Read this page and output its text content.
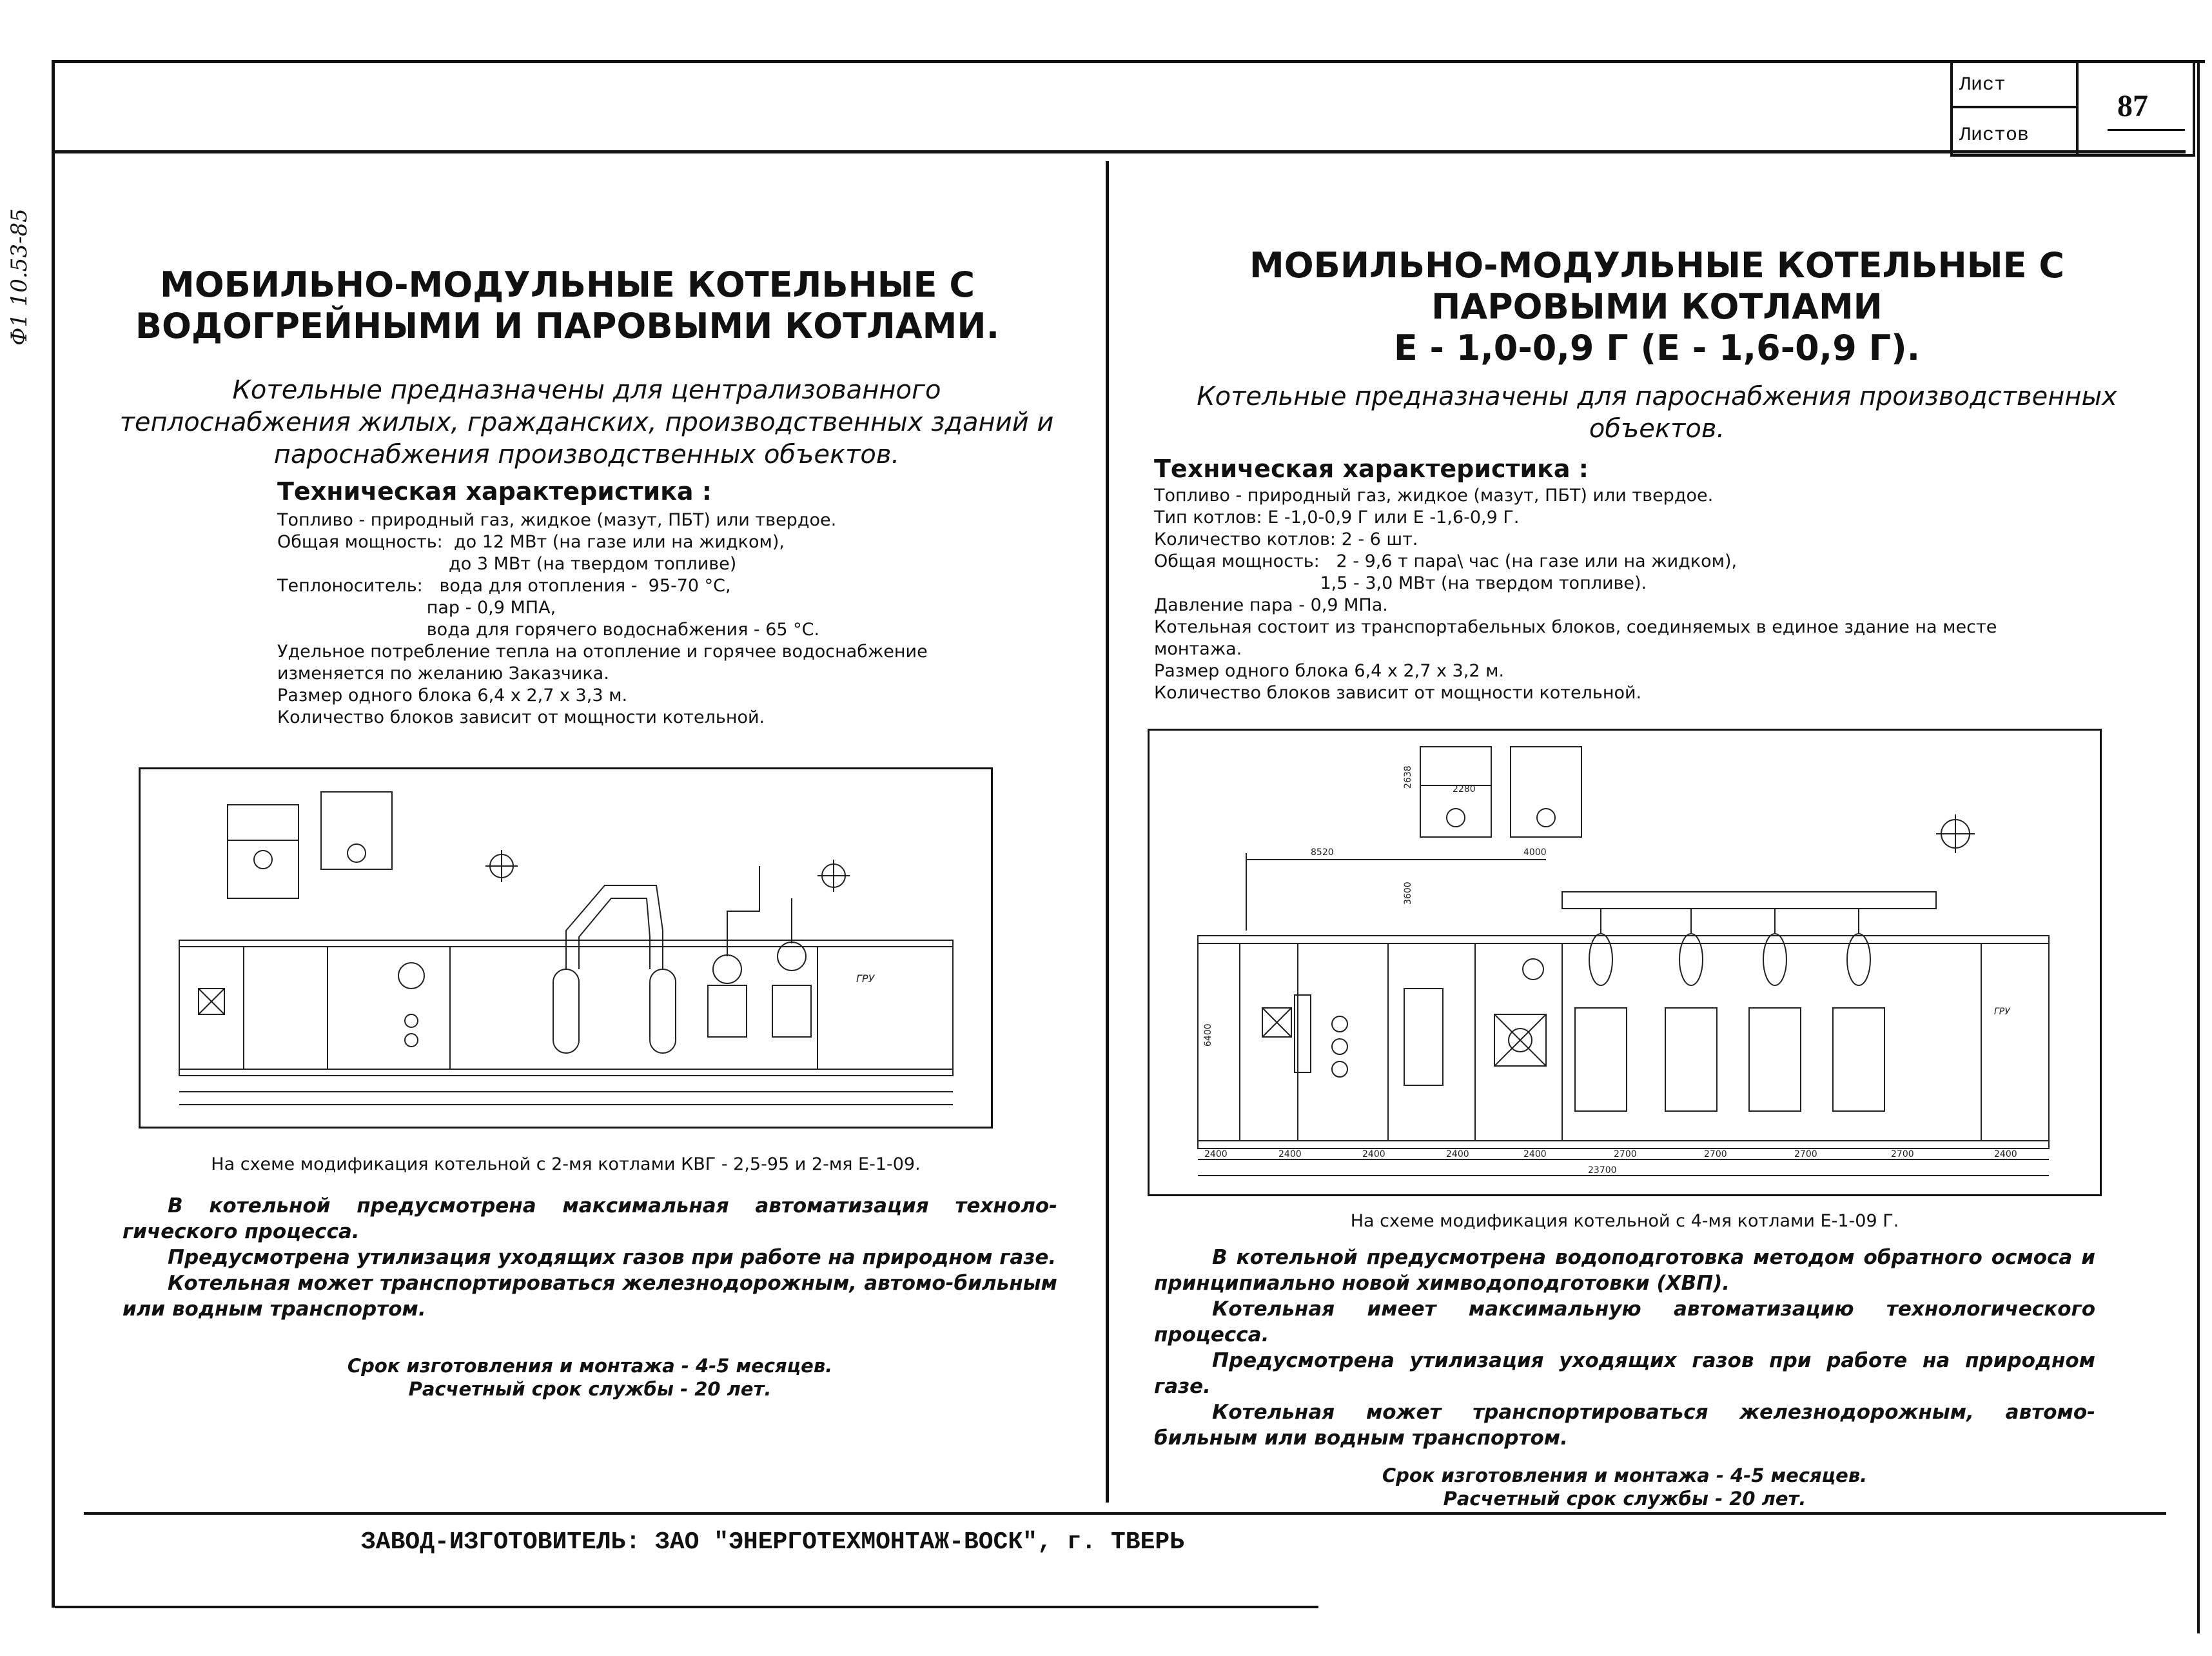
Ф1 10.53-85
Лист
Листов
87
МОБИЛЬНО-МОДУЛЬНЫЕ КОТЕЛЬНЫЕ С
ВОДОГРЕЙНЫМИ И ПАРОВЫМИ КОТЛАМИ.
Котельные предназначены для централизованного
теплоснабжения жилых, гражданских, производственных зданий и
пароснабжения производственных объектов.
Техническая характеристика :
Топливо - природный газ, жидкое (мазут, ПБТ) или твердое.
Общая мощность:  до 12 МВт (на газе или на жидком),
до 3 МВт (на твердом топливе)
Теплоноситель:   вода для отопления -  95-70 °С,
пар - 0,9 МПА,
вода для горячего водоснабжения - 65 °С.
Удельное потребление тепла на отопление и горячее водоснабжение
изменяется по желанию Заказчика.
Размер одного блока 6,4 x 2,7 x 3,3 м.
Количество блоков зависит от мощности котельной.
ГРУ
На схеме модификация котельной с 2-мя котлами КВГ - 2,5-95 и 2-мя Е-1-09.
В котельной предусмотрена максимальная автоматизация техноло-гического процесса.
Предусмотрена утилизация уходящих газов при работе на природном газе.
Котельная может транспортироваться железнодорожным, автомо-бильным или водным транспортом.
Срок изготовления и монтажа - 4-5 месяцев.
Расчетный срок службы - 20 лет.
МОБИЛЬНО-МОДУЛЬНЫЕ КОТЕЛЬНЫЕ С
ПАРОВЫМИ КОТЛАМИ
Е - 1,0-0,9 Г (Е - 1,6-0,9 Г).
Котельные предназначены для пароснабжения производственных
объектов.
Техническая характеристика :
Топливо - природный газ, жидкое (мазут, ПБТ) или твердое.
Тип котлов: Е -1,0-0,9 Г или Е -1,6-0,9 Г.
Количество котлов: 2 - 6 шт.
Общая мощность:   2 - 9,6 т пара\ час (на газе или на жидком),
1,5 - 3,0 МВт (на твердом топливе).
Давление пара - 0,9 МПа.
Котельная состоит из транспортабельных блоков, соединяемых в единое здание на месте
монтажа.
Размер одного блока 6,4 x 2,7 x 3,2 м.
Количество блоков зависит от мощности котельной.
2280
4000
8520
2638
3600
6400
2400	2400	2400	2400	2400	2700	2700	2700	2700	2400
23700
ГРУ
На схеме модификация котельной с 4-мя котлами Е-1-09 Г.
В котельной предусмотрена водоподготовка методом обратного осмоса и принципиально новой химводоподготовки (ХВП).
Котельная имеет максимальную автоматизацию технологического процесса.
Предусмотрена утилизация уходящих газов при работе на природном газе.
Котельная может транспортироваться железнодорожным, автомо-бильным или водным транспортом.
Срок изготовления и монтажа - 4-5 месяцев.
Расчетный срок службы - 20 лет.
ЗАВОД-ИЗГОТОВИТЕЛЬ: ЗАО "ЭНЕРГОТЕХМОНТАЖ-ВОСК", г. ТВЕРЬ
